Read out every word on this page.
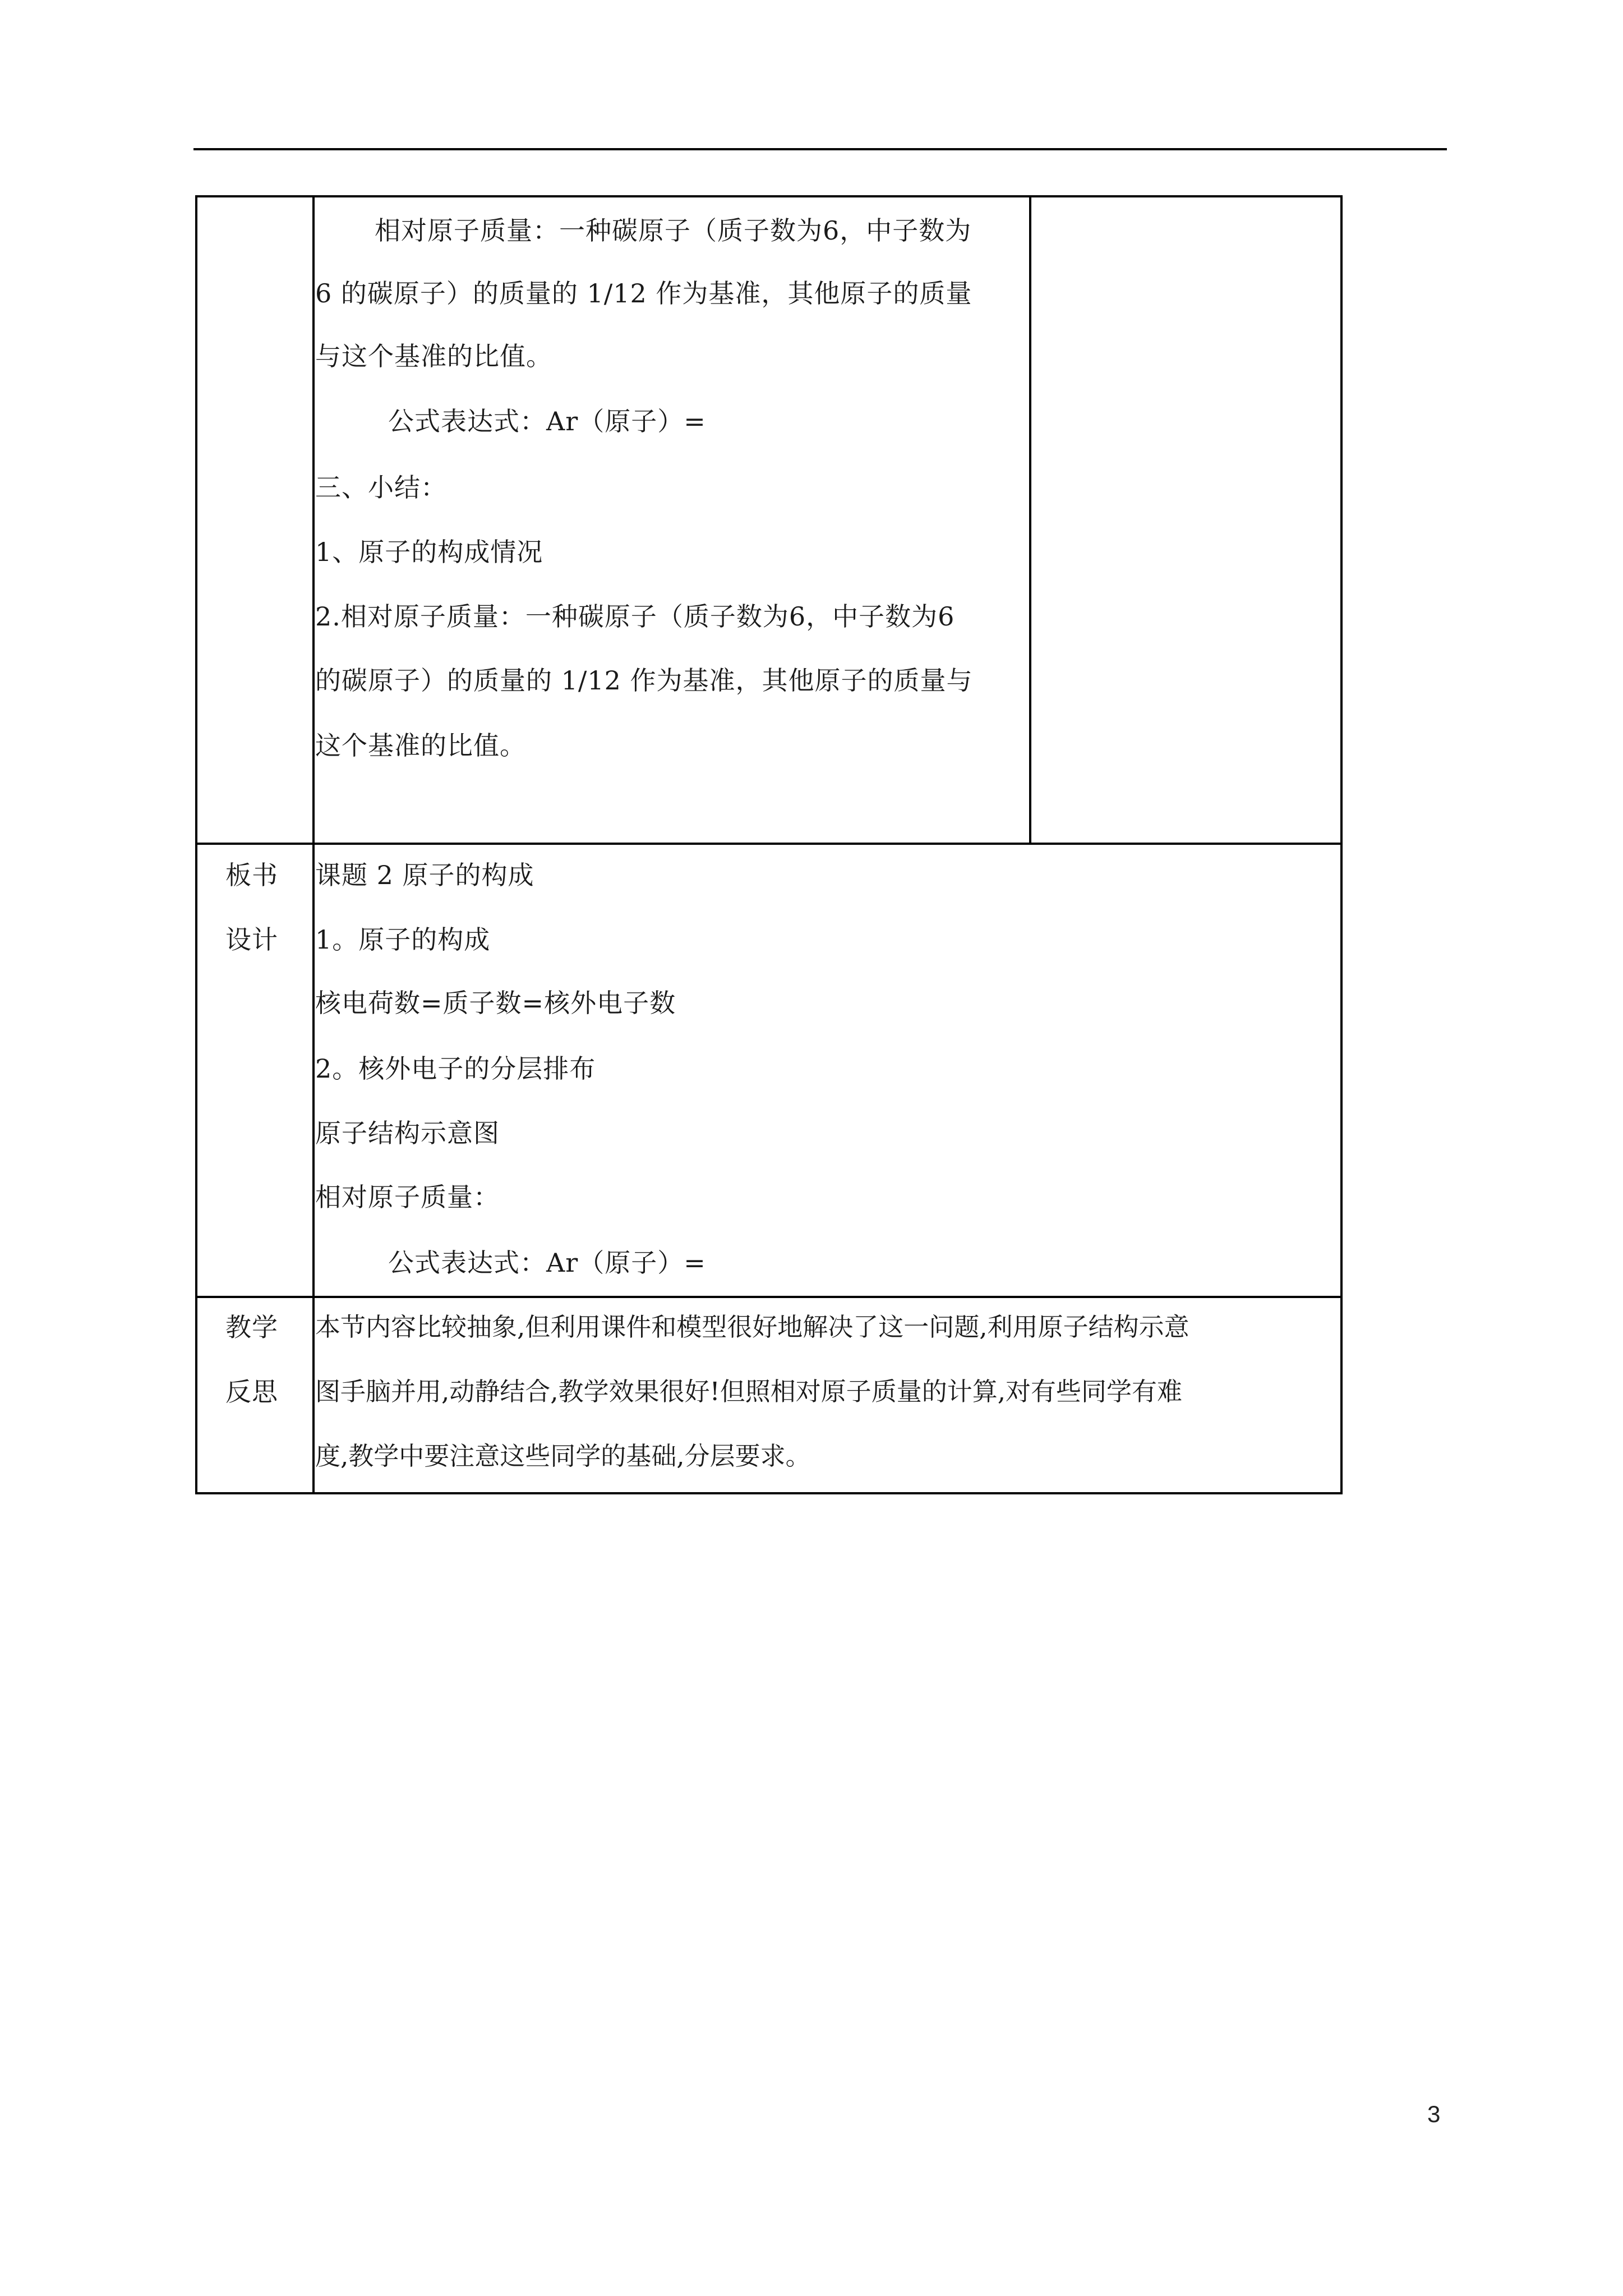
相对原子质量：一种碳原子（质子数为6，中子数为
6 的碳原子）的质量的 1/12 作为基准，其他原子的质量
与这个基准的比值。
公式表达式：Ar（原子）=
三、小结：
1、原子的构成情况
2.相对原子质量：一种碳原子（质子数为6，中子数为6
的碳原子）的质量的 1/12 作为基准，其他原子的质量与
这个基准的比值。
板书
设计
课题 2 原子的构成
1。原子的构成
核电荷数=质子数=核外电子数
2。核外电子的分层排布
原子结构示意图
相对原子质量：
公式表达式：Ar（原子）=
教学
反思
本节内容比较抽象,但利用课件和模型很好地解决了这一问题,利用原子结构示意
图手脑并用,动静结合,教学效果很好!但照相对原子质量的计算,对有些同学有难
度,教学中要注意这些同学的基础,分层要求。
3
